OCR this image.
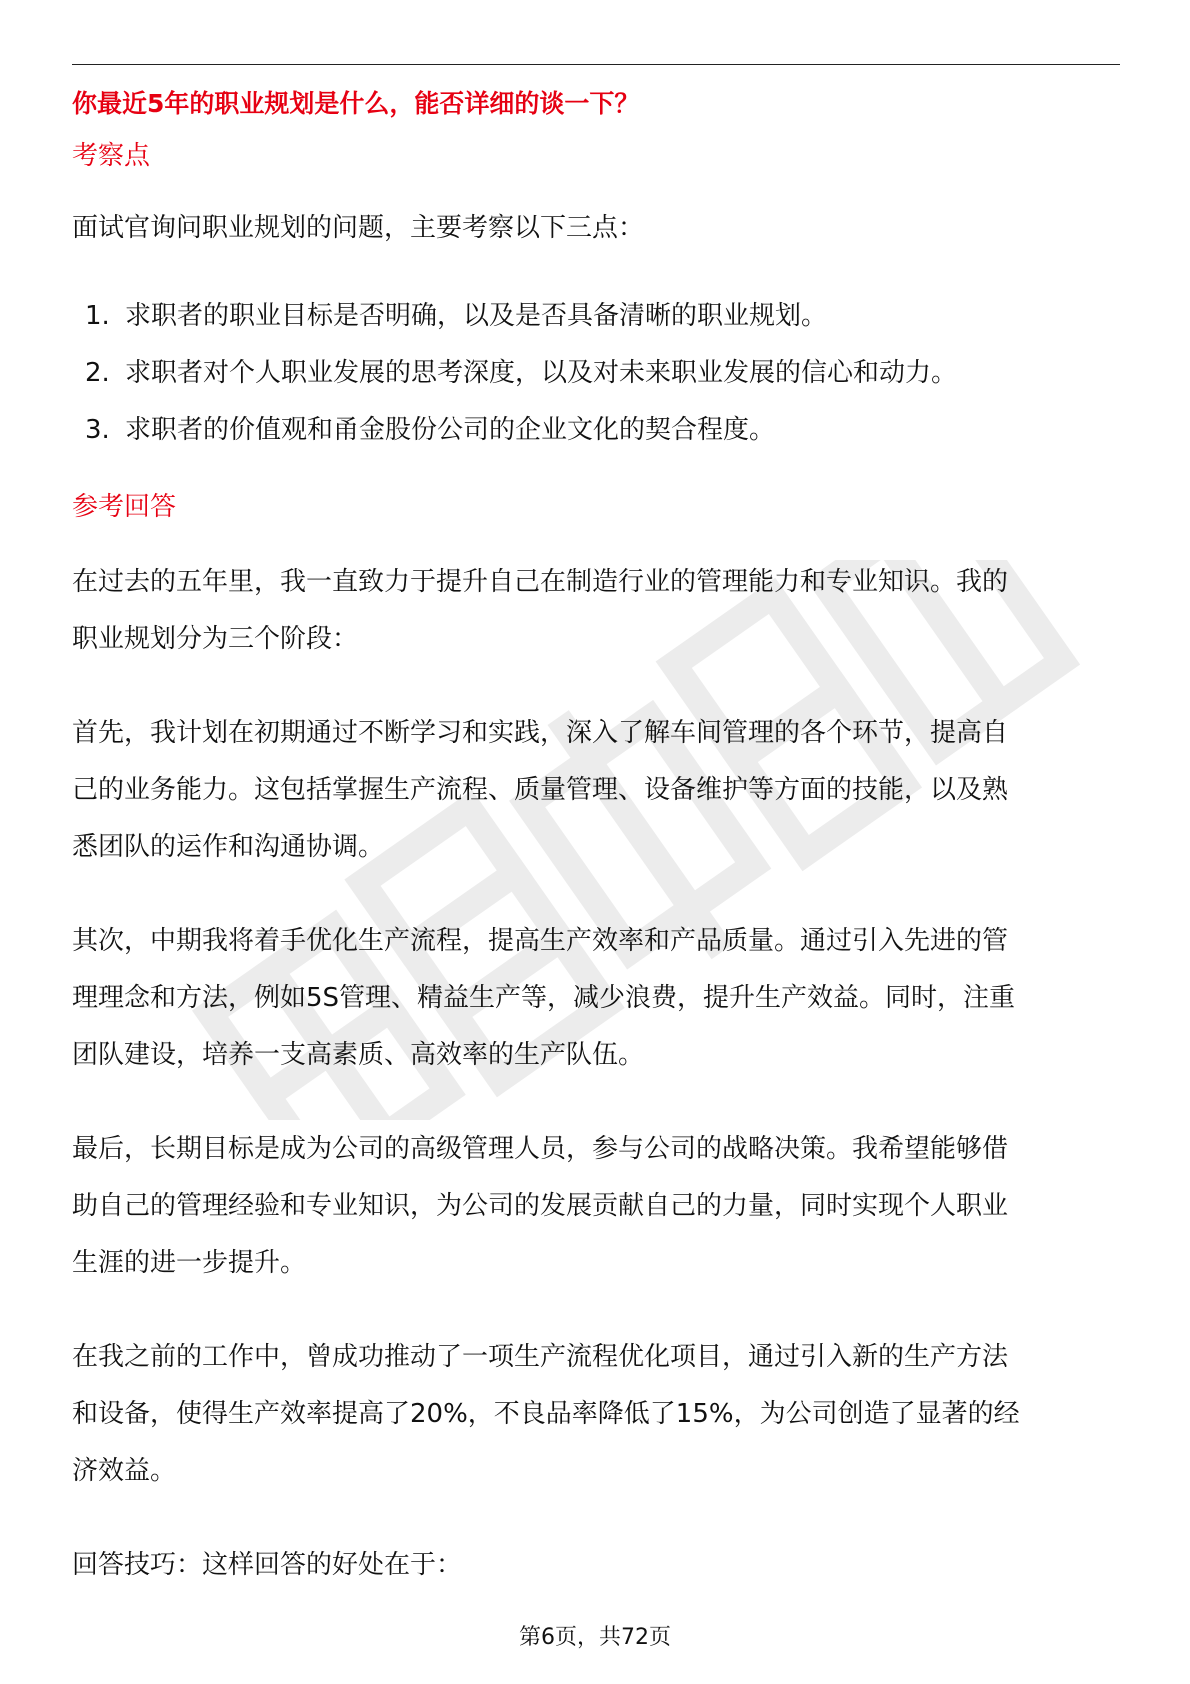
你最近5年的职业规划是什么，能否详细的谈一下？
考察点

面试官询问职业规划的问题，主要考察以下三点：

1. 求职者的职业目标是否明确，以及是否具备清晰的职业规划。
2. 求职者对个人职业发展的思考深度，以及对未来职业发展的信心和动力。
3. 求职者的价值观和甬金股份公司的企业文化的契合程度。
参考回答

在过去的五年里，我一直致力于提升自己在制造行业的管理能力和专业知识。我的
职业规划分为三个阶段：

首先，我计划在初期通过不断学习和实践，深入了解车间管理的各个环节，提高自
己的业务能力。这包括掌握生产流程、质量管理、设备维护等方面的技能，以及熟
悉团队的运作和沟通协调。

其次，中期我将着手优化生产流程，提高生产效率和产品质量。通过引入先进的管
理理念和方法，例如5S管理、精益生产等，减少浪费，提升生产效益。同时，注重
团队建设，培养一支高素质、高效率的生产队伍。

最后，长期目标是成为公司的高级管理人员，参与公司的战略决策。我希望能够借
助自己的管理经验和专业知识，为公司的发展贡献自己的力量，同时实现个人职业
生涯的进一步提升。

在我之前的工作中，曾成功推动了一项生产流程优化项目，通过引入新的生产方法
和设备，使得生产效率提高了20%，不良品率降低了15%，为公司创造了显著的经
济效益。

回答技巧：这样回答的好处在于：

第6页，共72页
